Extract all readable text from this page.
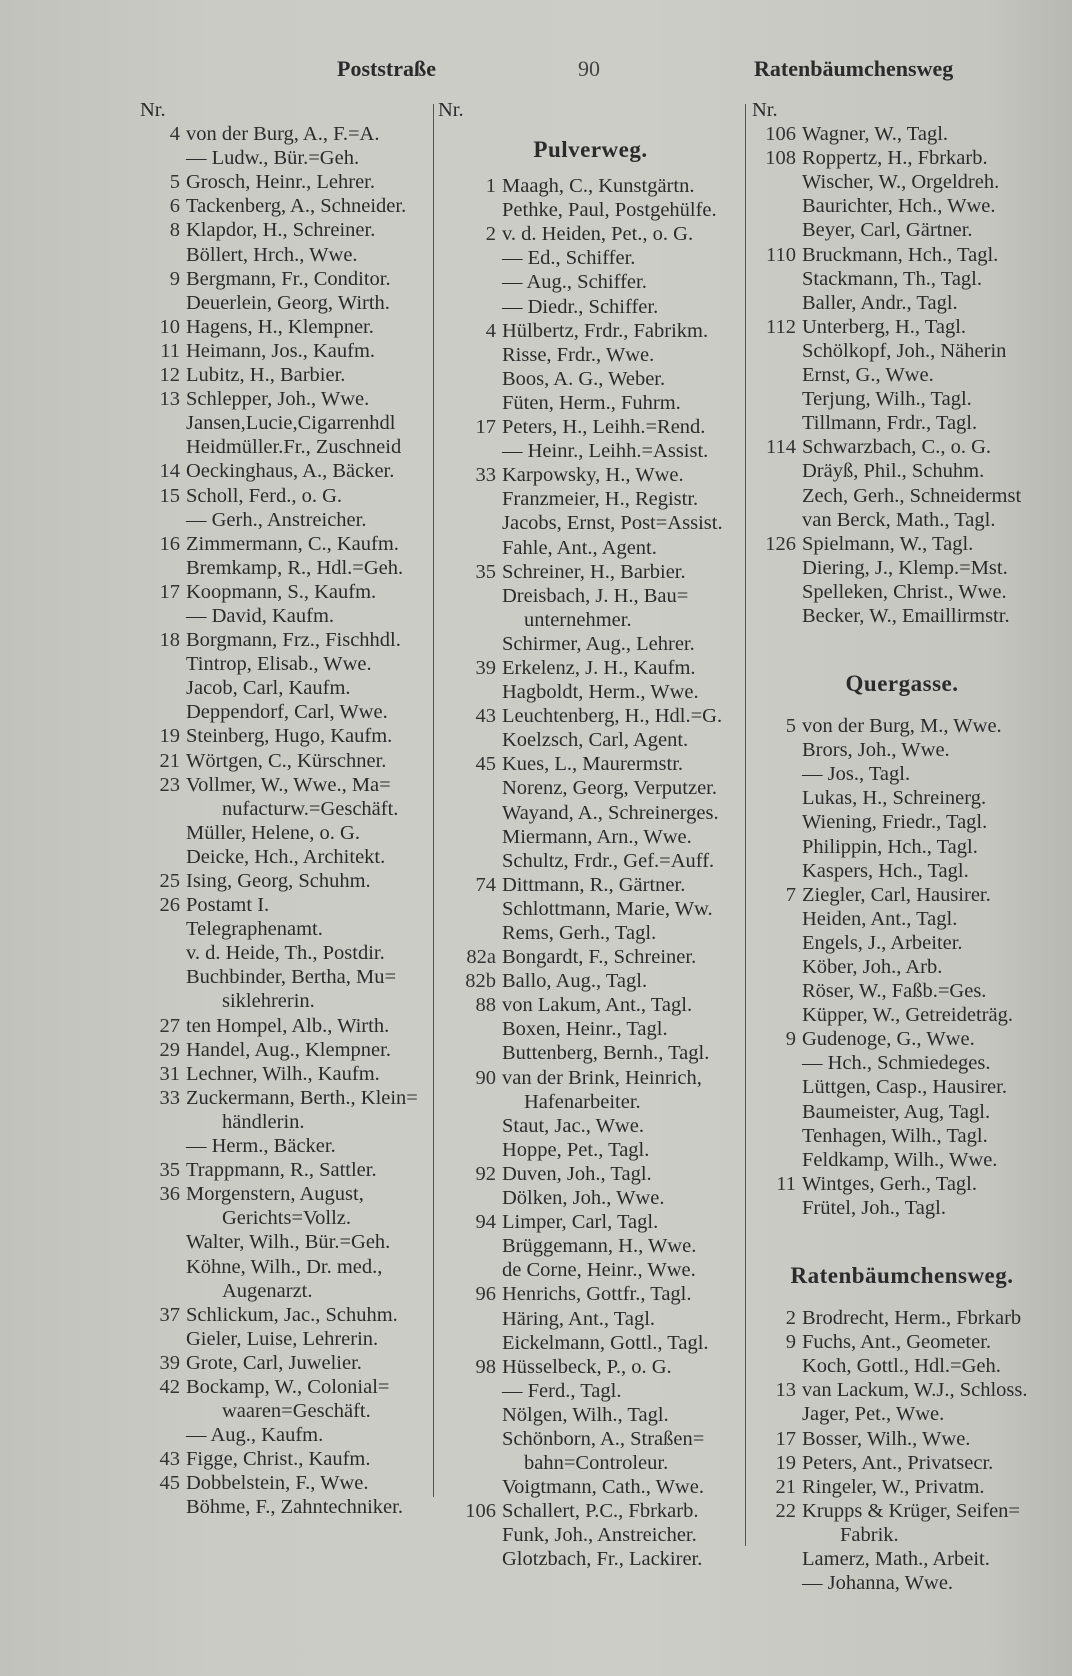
Poststraße	90	Ratenbäumchensweg
Nr.
4 von der Burg, A., F.=A.
— Ludw., Bür.=Geh.
5 Grosch, Heinr., Lehrer.
6 Tackenberg, A., Schneider.
8 Klapdor, H., Schreiner.
Böllert, Hrch., Wwe.
9 Bergmann, Fr., Conditor.
Deuerlein, Georg, Wirth.
10 Hagens, H., Klempner.
11 Heimann, Jos., Kaufm.
12 Lubitz, H., Barbier.
13 Schlepper, Joh., Wwe.
Jansen,Lucie,Cigarrenhdl
Heidmüller.Fr., Zuschneid
14 Oeckinghaus, A., Bäcker.
15 Scholl, Ferd., o. G.
— Gerh., Anstreicher.
16 Zimmermann, C., Kaufm.
Bremkamp, R., Hdl.=Geh.
17 Koopmann, S., Kaufm.
— David, Kaufm.
18 Borgmann, Frz., Fischhdl.
Tintrop, Elisab., Wwe.
Jacob, Carl, Kaufm.
Deppendorf, Carl, Wwe.
19 Steinberg, Hugo, Kaufm.
21 Wörtgen, C., Kürschner.
23 Vollmer, W., Wwe., Ma=
nufacturw.=Geschäft.
Müller, Helene, o. G.
Deicke, Hch., Architekt.
25 Ising, Georg, Schuhm.
26 Postamt I.
Telegraphenamt.
v. d. Heide, Th., Postdir.
Buchbinder, Bertha, Mu=
siklehrerin.
27 ten Hompel, Alb., Wirth.
29 Handel, Aug., Klempner.
31 Lechner, Wilh., Kaufm.
33 Zuckermann, Berth., Klein=
händlerin.
— Herm., Bäcker.
35 Trappmann, R., Sattler.
36 Morgenstern, August,
Gerichts=Vollz.
Walter, Wilh., Bür.=Geh.
Köhne, Wilh., Dr. med.,
Augenarzt.
37 Schlickum, Jac., Schuhm.
Gieler, Luise, Lehrerin.
39 Grote, Carl, Juwelier.
42 Bockamp, W., Colonial=
waaren=Geschäft.
— Aug., Kaufm.
43 Figge, Christ., Kaufm.
45 Dobbelstein, F., Wwe.
Böhme, F., Zahntechniker.
Nr.
Pulverweg.
1 Maagh, C., Kunstgärtn.
Pethke, Paul, Postgehülfe.
2 v. d. Heiden, Pet., o. G.
— Ed., Schiffer.
— Aug., Schiffer.
— Diedr., Schiffer.
4 Hülbertz, Frdr., Fabrikm.
Risse, Frdr., Wwe.
Boos, A. G., Weber.
Füten, Herm., Fuhrm.
17 Peters, H., Leihh.=Rend.
— Heinr., Leihh.=Assist.
33 Karpowsky, H., Wwe.
Franzmeier, H., Registr.
Jacobs, Ernst, Post=Assist.
Fahle, Ant., Agent.
35 Schreiner, H., Barbier.
Dreisbach, J. H., Bau=
unternehmer.
Schirmer, Aug., Lehrer.
39 Erkelenz, J. H., Kaufm.
Hagboldt, Herm., Wwe.
43 Leuchtenberg, H., Hdl.=G.
Koelzsch, Carl, Agent.
45 Kues, L., Maurermstr.
Norenz, Georg, Verputzer.
Wayand, A., Schreinerges.
Miermann, Arn., Wwe.
Schultz, Frdr., Gef.=Auff.
74 Dittmann, R., Gärtner.
Schlottmann, Marie, Ww.
Rems, Gerh., Tagl.
82a Bongardt, F., Schreiner.
82b Ballo, Aug., Tagl.
88 von Lakum, Ant., Tagl.
Boxen, Heinr., Tagl.
Buttenberg, Bernh., Tagl.
90 van der Brink, Heinrich,
Hafenarbeiter.
Staut, Jac., Wwe.
Hoppe, Pet., Tagl.
92 Duven, Joh., Tagl.
Dölken, Joh., Wwe.
94 Limper, Carl, Tagl.
Brüggemann, H., Wwe.
de Corne, Heinr., Wwe.
96 Henrichs, Gottfr., Tagl.
Häring, Ant., Tagl.
Eickelmann, Gottl., Tagl.
98 Hüsselbeck, P., o. G.
— Ferd., Tagl.
Nölgen, Wilh., Tagl.
Schönborn, A., Straßen=
bahn=Controleur.
Voigtmann, Cath., Wwe.
106 Schallert, P.C., Fbrkarb.
Funk, Joh., Anstreicher.
Glotzbach, Fr., Lackirer.
Nr.
106 Wagner, W., Tagl.
108 Roppertz, H., Fbrkarb.
Wischer, W., Orgeldreh.
Baurichter, Hch., Wwe.
Beyer, Carl, Gärtner.
110 Bruckmann, Hch., Tagl.
Stackmann, Th., Tagl.
Baller, Andr., Tagl.
112 Unterberg, H., Tagl.
Schölkopf, Joh., Näherin
Ernst, G., Wwe.
Terjung, Wilh., Tagl.
Tillmann, Frdr., Tagl.
114 Schwarzbach, C., o. G.
Dräyß, Phil., Schuhm.
Zech, Gerh., Schneidermst
van Berck, Math., Tagl.
126 Spielmann, W., Tagl.
Diering, J., Klemp.=Mst.
Spelleken, Christ., Wwe.
Becker, W., Emaillirmstr.
Quergasse.
5 von der Burg, M., Wwe.
Brors, Joh., Wwe.
— Jos., Tagl.
Lukas, H., Schreinerg.
Wiening, Friedr., Tagl.
Philippin, Hch., Tagl.
Kaspers, Hch., Tagl.
7 Ziegler, Carl, Hausirer.
Heiden, Ant., Tagl.
Engels, J., Arbeiter.
Köber, Joh., Arb.
Röser, W., Faßb.=Ges.
Küpper, W., Getreideträg.
9 Gudenoge, G., Wwe.
— Hch., Schmiedeges.
Lüttgen, Casp., Hausirer.
Baumeister, Aug, Tagl.
Tenhagen, Wilh., Tagl.
Feldkamp, Wilh., Wwe.
11 Wintges, Gerh., Tagl.
Frütel, Joh., Tagl.
Ratenbäumchensweg.
2 Brodrecht, Herm., Fbrkarb
9 Fuchs, Ant., Geometer.
Koch, Gottl., Hdl.=Geh.
13 van Lackum, W.J., Schloss.
Jager, Pet., Wwe.
17 Bosser, Wilh., Wwe.
19 Peters, Ant., Privatsecr.
21 Ringeler, W., Privatm.
22 Krupps & Krüger, Seifen=
Fabrik.
Lamerz, Math., Arbeit.
— Johanna, Wwe.
